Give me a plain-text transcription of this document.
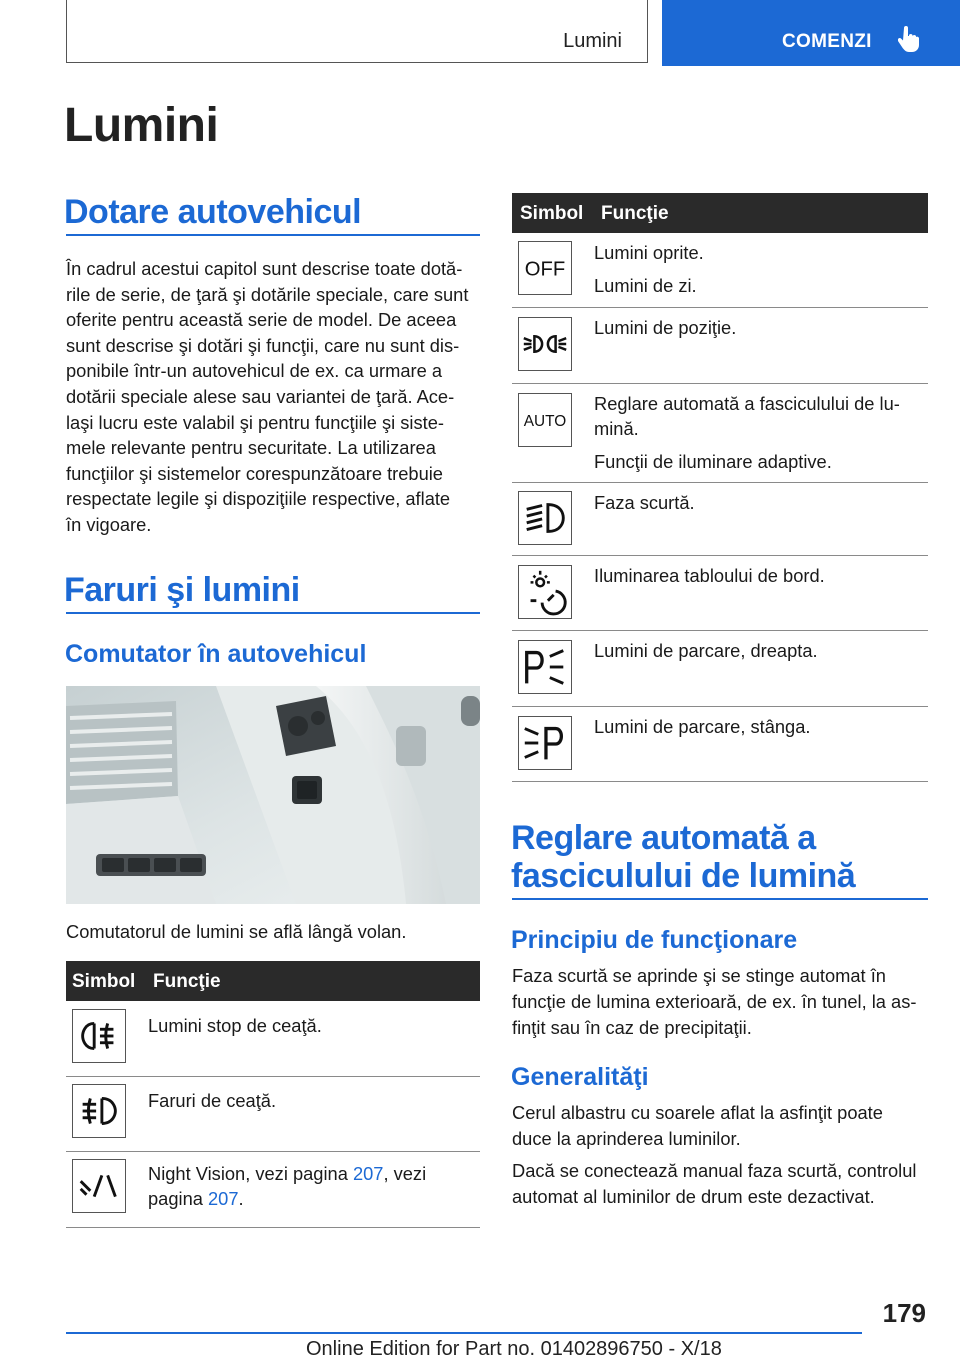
Lumini	COMENZI
Lumini
Dotare autovehicul
În cadrul acestui capitol sunt descrise toate dotă-
rile de serie, de ţară şi dotările speciale, care sunt
oferite pentru această serie de model. De aceea
sunt descrise şi dotări şi funcţii, care nu sunt dis-
ponibile într-un autovehicul de ex. ca urmare a
dotării speciale alese sau variantei de ţară. Ace-
laşi lucru este valabil şi pentru funcţiile şi siste-
mele relevante pentru securitate. La utilizarea
funcţiilor şi sistemelor corespunzătoare trebuie
respectate legile şi dispoziţiile respective, aflate
în vigoare.
Faruri şi lumini
Comutator în autovehicul
Comutatorul de lumini se află lângă volan.
Simbol Funcţie
Lumini stop de ceaţă.
Faruri de ceaţă.
Night Vision, vezi pagina 207, vezi
pagina 207.
Simbol Funcţie
OFF

Lumini oprite.

Lumini de zi.

Lumini de poziţie.
AUTO

Reglare automată a fasciculului de lu-
mină.

Funcţii de iluminare adaptive.

Faza scurtă.
Iluminarea tabloului de bord.
Lumini de parcare, dreapta.
Lumini de parcare, stânga.
Reglare automată a
fasciculului de lumină
Principiu de funcţionare
Faza scurtă se aprinde şi se stinge automat în
funcţie de lumina exterioară, de ex. în tunel, la as-
finţit sau în caz de precipitaţii.
Generalităţi
Cerul albastru cu soarele aflat la asfinţit poate
duce la aprinderea luminilor.
Dacă se conectează manual faza scurtă, controlul
automat al luminilor de drum este dezactivat.
179
Online Edition for Part no. 01402896750 - X/18
